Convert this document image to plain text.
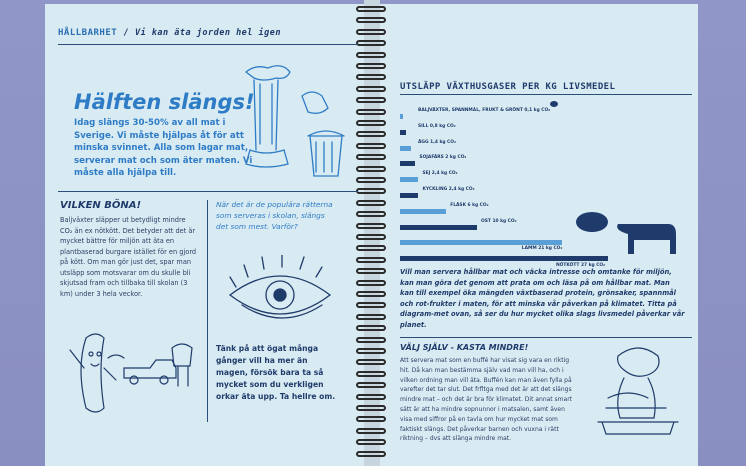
HÅLLBARHET / Vi kan äta jorden hel igen
Hälften slängs!
Idag slängs 30-50% av all mat i Sverige. Vi måste hjälpas åt för att minska svinnet. Alla som lagar mat, serverar mat och som äter maten. Vi måste alla hjälpa till.
VILKEN BÖNA!
Baljväxter släpper ut betydligt mindre CO₂ än ex nötkött. Det betyder att det är mycket bättre för miljön att äta en plantbaserad burgare istället för en gjord på kött. Om man gör just det, spar man utsläpp som motsvarar om du skulle bli skjutsad fram och tillbaka till skolan (3 km) under 3 hela veckor.
När det är de populära rätterna som serveras i skolan, slängs det som mest. Varför?
Tänk på att ögat många gånger vill ha mer än magen, försök bara ta så mycket som du verkligen orkar äta upp. Ta hellre om.
UTSLÄPP VÄXTHUSGASER PER KG LIVSMEDEL
BALJVÄXTER, SPANNMÅL, FRUKT & GRÖNT 0,1 kg CO₂
SILL 0,8 kg CO₂
ÄGG 1,4 kg CO₂
SOJAFÄRS 2 kg CO₂
SEJ 2,4 kg CO₂
KYCKLING 2,4 kg CO₂
FLÄSK 6 kg CO₂
OST 10 kg CO₂
LAMM 21 kg CO₂
NÖTKÖTT 27 kg CO₂
Vill man servera hållbar mat och väcka intresse och omtanke för miljön, kan man göra det genom att prata om och läsa på om hållbar mat. Man kan till exempel öka mängden växtbaserad protein, grönsaker, spannmål och rot-frukter i maten, för att minska vår påverkan på klimatet. Titta på diagram-met ovan, så ser du hur mycket olika slags livsmedel påverkar vår planet.
VÄLJ SJÄLV - KASTA MINDRE!
Att servera mat som en buffé har visat sig vara en riktig hit. Då kan man bestämma själv vad man vill ha, och i vilken ordning man vill äta. Buffén kan man även fylla på varefter det tar slut. Det frfltga med det är att det slängs mindre mat – och det är bra för klimatet. Dit annat smart sätt är att ha mindre sopnunnor i matsalen, samt även visa med siffror på en tavla om hur mycket mat som faktiskt slängs. Det påverkar barnen och vuxna i rätt riktning – dvs att slänga mindre mat.
